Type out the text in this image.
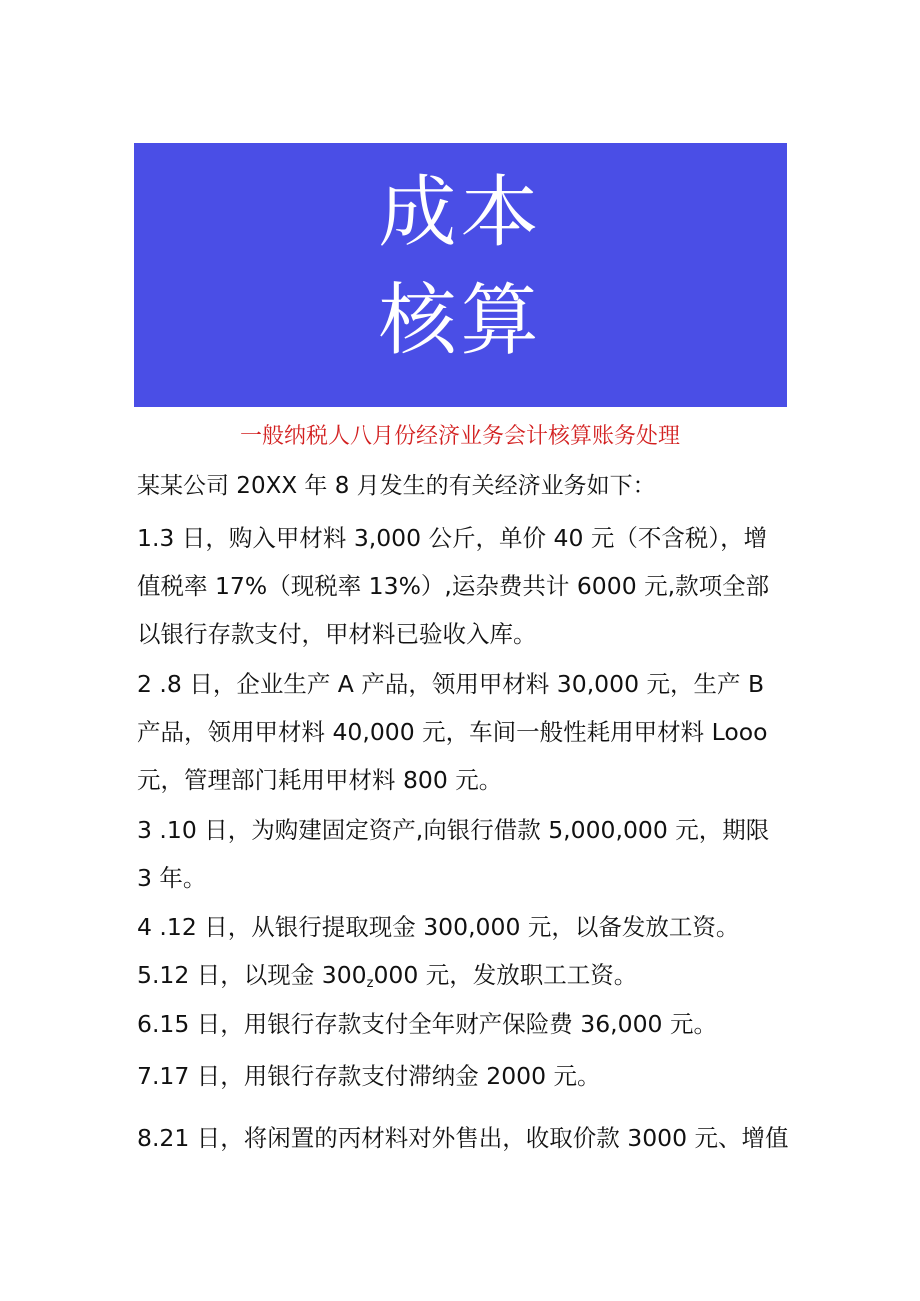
成本
核算
一般纳税人八月份经济业务会计核算账务处理
某某公司 20XX 年 8 月发生的有关经济业务如下：
1.3 日，购入甲材料 3,000 公斤，单价 40 元（不含税），增
值税率 17%（现税率 13%）,运杂费共计 6000 元,款项全部
以银行存款支付，甲材料已验收入库。
2 .8 日，企业生产 A 产品，领用甲材料 30,000 元，生产 B
产品，领用甲材料 40,000 元，车间一般性耗用甲材料 Looo
元，管理部门耗用甲材料 800 元。
3 .10 日，为购建固定资产,向银行借款 5,000,000 元，期限
3 年。
4 .12 日，从银行提取现金 300,000 元，以备发放工资。
5.12 日，以现金 $300_z000$ 元，发放职工工资。
6.15 日，用银行存款支付全年财产保险费 36,000 元。
7.17 日，用银行存款支付滞纳金 2000 元。
8.21 日，将闲置的丙材料对外售出，收取价款 3000 元、增值
